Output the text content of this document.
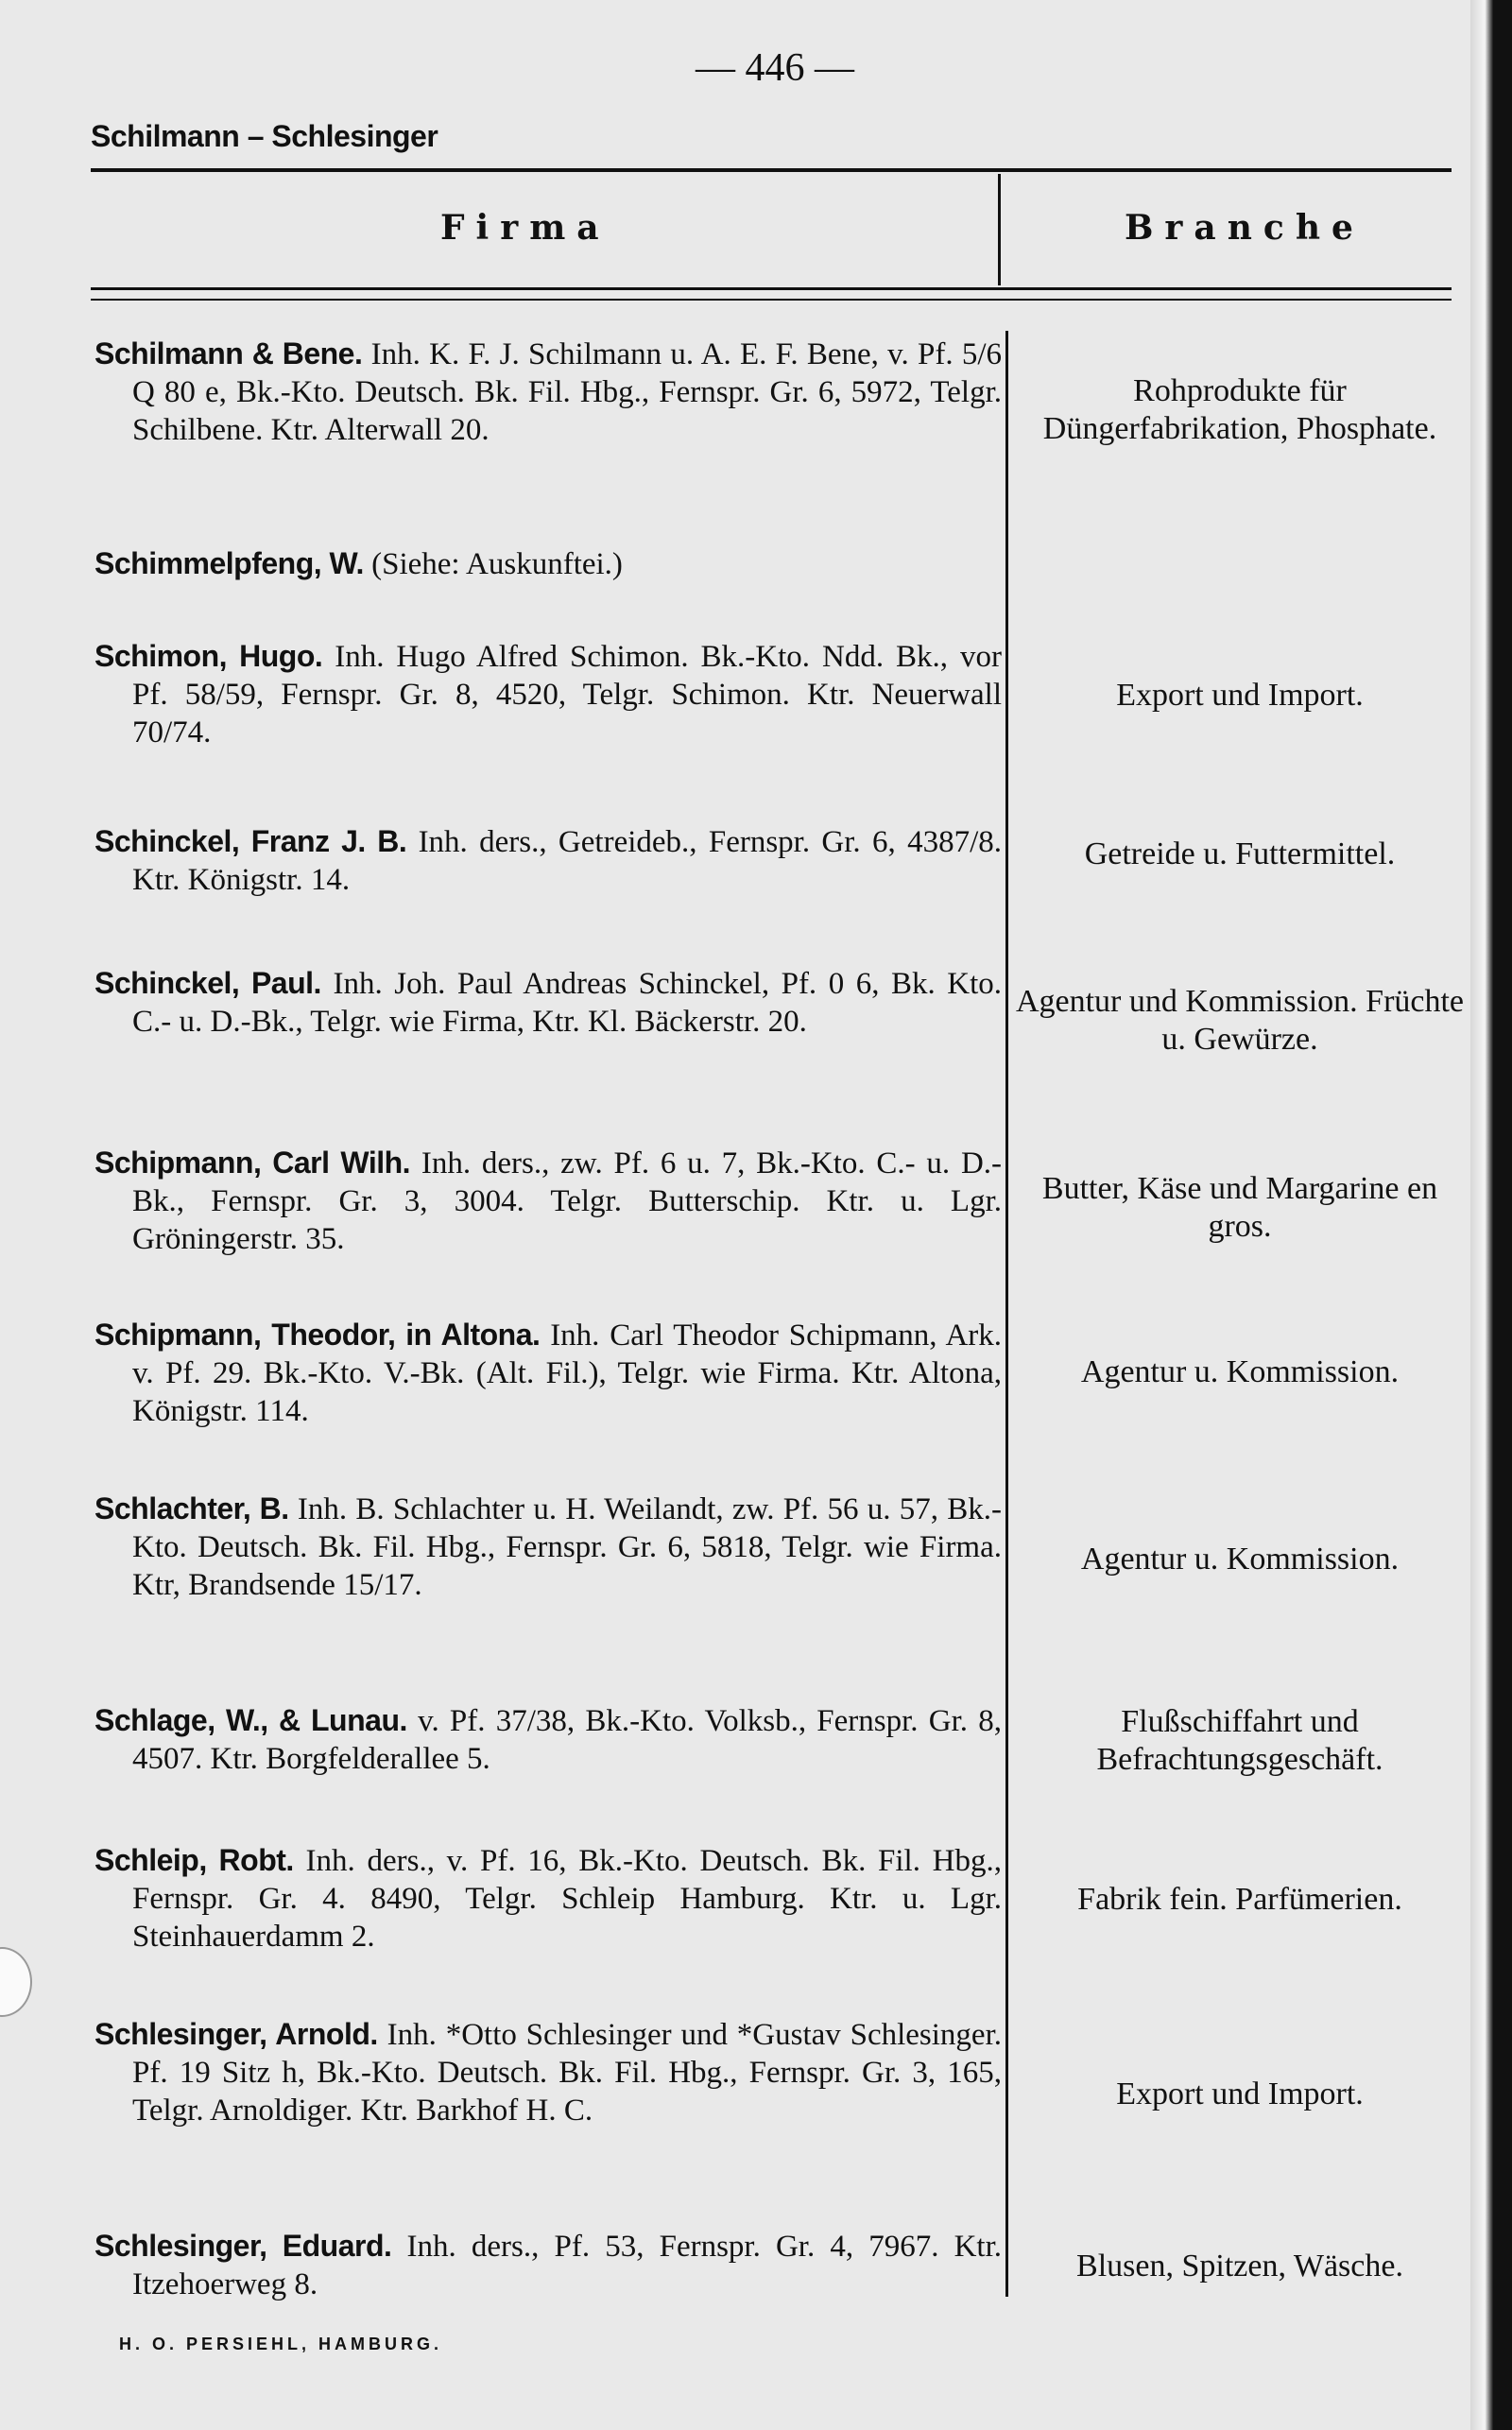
— 446 —
Schilmann – Schlesinger
Firma	Branche
Schilmann & Bene. Inh. K. F. J. Schilmann u. A. E. F. Bene, v. Pf. 5/6 Q 80 e, Bk.-Kto. Deutsch. Bk. Fil. Hbg., Fernspr. Gr. 6, 5972, Telgr. Schilbene. Ktr. Alterwall 20.
Rohprodukte für Düngerfabrikation, Phosphate.
Schimmelpfeng, W. (Siehe: Auskunftei.)
Schimon, Hugo. Inh. Hugo Alfred Schimon. Bk.-Kto. Ndd. Bk., vor Pf. 58/59, Fernspr. Gr. 8, 4520, Telgr. Schimon. Ktr. Neuerwall 70/74.
Export und Import.
Schinckel, Franz J. B. Inh. ders., Getreideb., Fernspr. Gr. 6, 4387/8. Ktr. Königstr. 14.
Getreide u. Futtermittel.
Schinckel, Paul. Inh. Joh. Paul Andreas Schinckel, Pf. 0 6, Bk. Kto. C.- u. D.-Bk., Telgr. wie Firma, Ktr. Kl. Bäckerstr. 20.
Agentur und Kommission. Früchte u. Gewürze.
Schipmann, Carl Wilh. Inh. ders., zw. Pf. 6 u. 7, Bk.-Kto. C.- u. D.-Bk., Fernspr. Gr. 3, 3004. Telgr. Butterschip. Ktr. u. Lgr. Gröningerstr. 35.
Butter, Käse und Margarine en gros.
Schipmann, Theodor, in Altona. Inh. Carl Theodor Schipmann, Ark. v. Pf. 29. Bk.-Kto. V.-Bk. (Alt. Fil.), Telgr. wie Firma. Ktr. Altona, Königstr. 114.
Agentur u. Kommission.
Schlachter, B. Inh. B. Schlachter u. H. Weilandt, zw. Pf. 56 u. 57, Bk.-Kto. Deutsch. Bk. Fil. Hbg., Fernspr. Gr. 6, 5818, Telgr. wie Firma. Ktr, Brandsende 15/17.
Agentur u. Kommission.
Schlage, W., & Lunau. v. Pf. 37/38, Bk.-Kto. Volksb., Fernspr. Gr. 8, 4507. Ktr. Borgfelderallee 5.
Flußschiffahrt und Befrachtungsgeschäft.
Schleip, Robt. Inh. ders., v. Pf. 16, Bk.-Kto. Deutsch. Bk. Fil. Hbg., Fernspr. Gr. 4. 8490, Telgr. Schleip Hamburg. Ktr. u. Lgr. Steinhauerdamm 2.
Fabrik fein. Parfümerien.
Schlesinger, Arnold. Inh. *Otto Schlesinger und *Gustav Schlesinger. Pf. 19 Sitz h, Bk.-Kto. Deutsch. Bk. Fil. Hbg., Fernspr. Gr. 3, 165, Telgr. Arnoldiger. Ktr. Barkhof H. C.	Export und Import.
Schlesinger, Eduard. Inh. ders., Pf. 53, Fernspr. Gr. 4, 7967. Ktr. Itzehoerweg 8.
Blusen, Spitzen, Wäsche.
H. O. PERSIEHL, HAMBURG.
